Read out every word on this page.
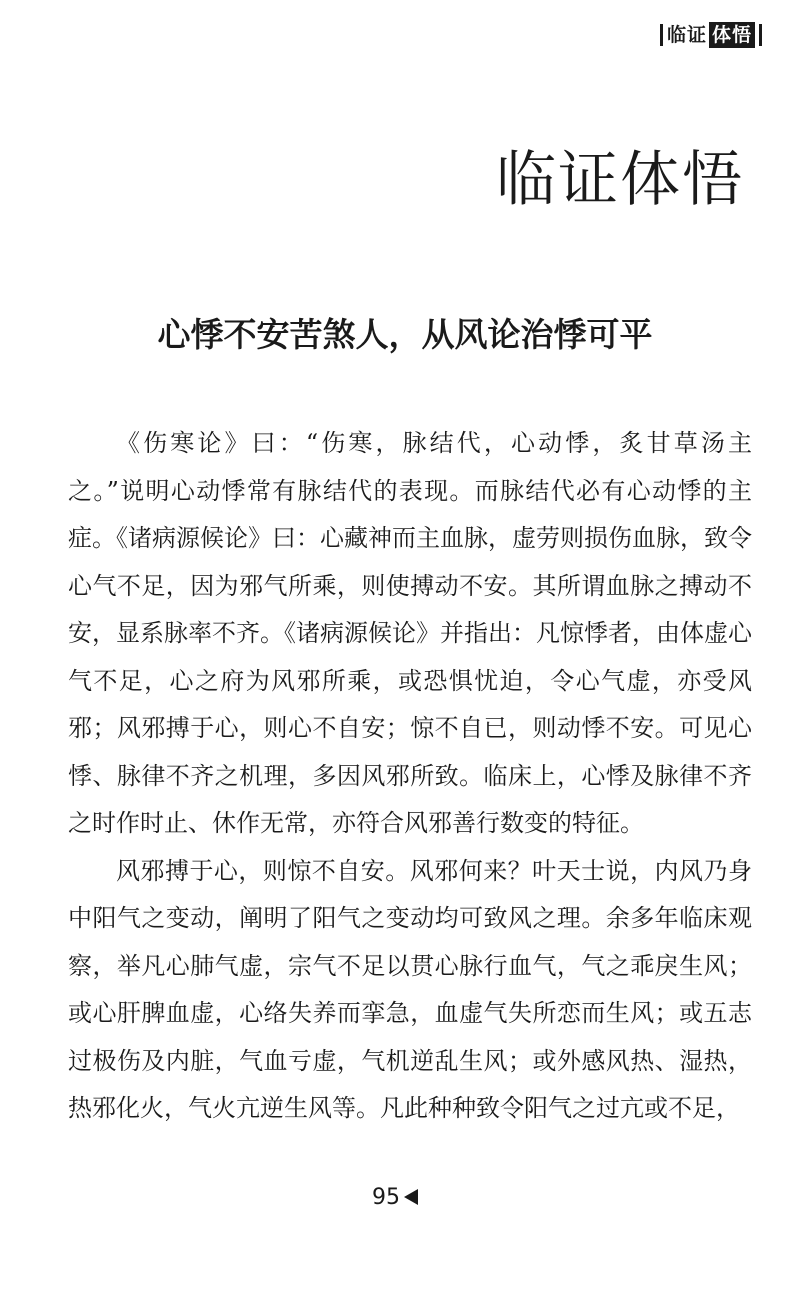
临证 体悟
临证体悟
心悸不安苦煞人，从风论治悸可平

《伤寒论》曰：“伤寒，脉结代，心动悸，炙甘草汤主之。”说明心动悸常有脉结代的表现。而脉结代必有心动悸的主症。《诸病源候论》曰：心藏神而主血脉，虚劳则损伤血脉，致令心气不足，因为邪气所乘，则使搏动不安。其所谓血脉之搏动不安，显系脉率不齐。《诸病源候论》并指出：凡惊悸者，由体虚心气不足，心之府为风邪所乘，或恐惧忧迫，令心气虚，亦受风邪；风邪搏于心，则心不自安；惊不自已，则动悸不安。可见心悸、脉律不齐之机理，多因风邪所致。临床上，心悸及脉律不齐之时作时止、休作无常，亦符合风邪善行数变的特征。

风邪搏于心，则惊不自安。风邪何来？叶天士说，内风乃身中阳气之变动，阐明了阳气之变动均可致风之理。余多年临床观察，举凡心肺气虚，宗气不足以贯心脉行血气，气之乖戾生风；或心肝脾血虚，心络失养而挛急，血虚气失所恋而生风；或五志过极伤及内脏，气血亏虚，气机逆乱生风；或外感风热、湿热，热邪化火，气火亢逆生风等。凡此种种致令阳气之过亢或不足，

95
